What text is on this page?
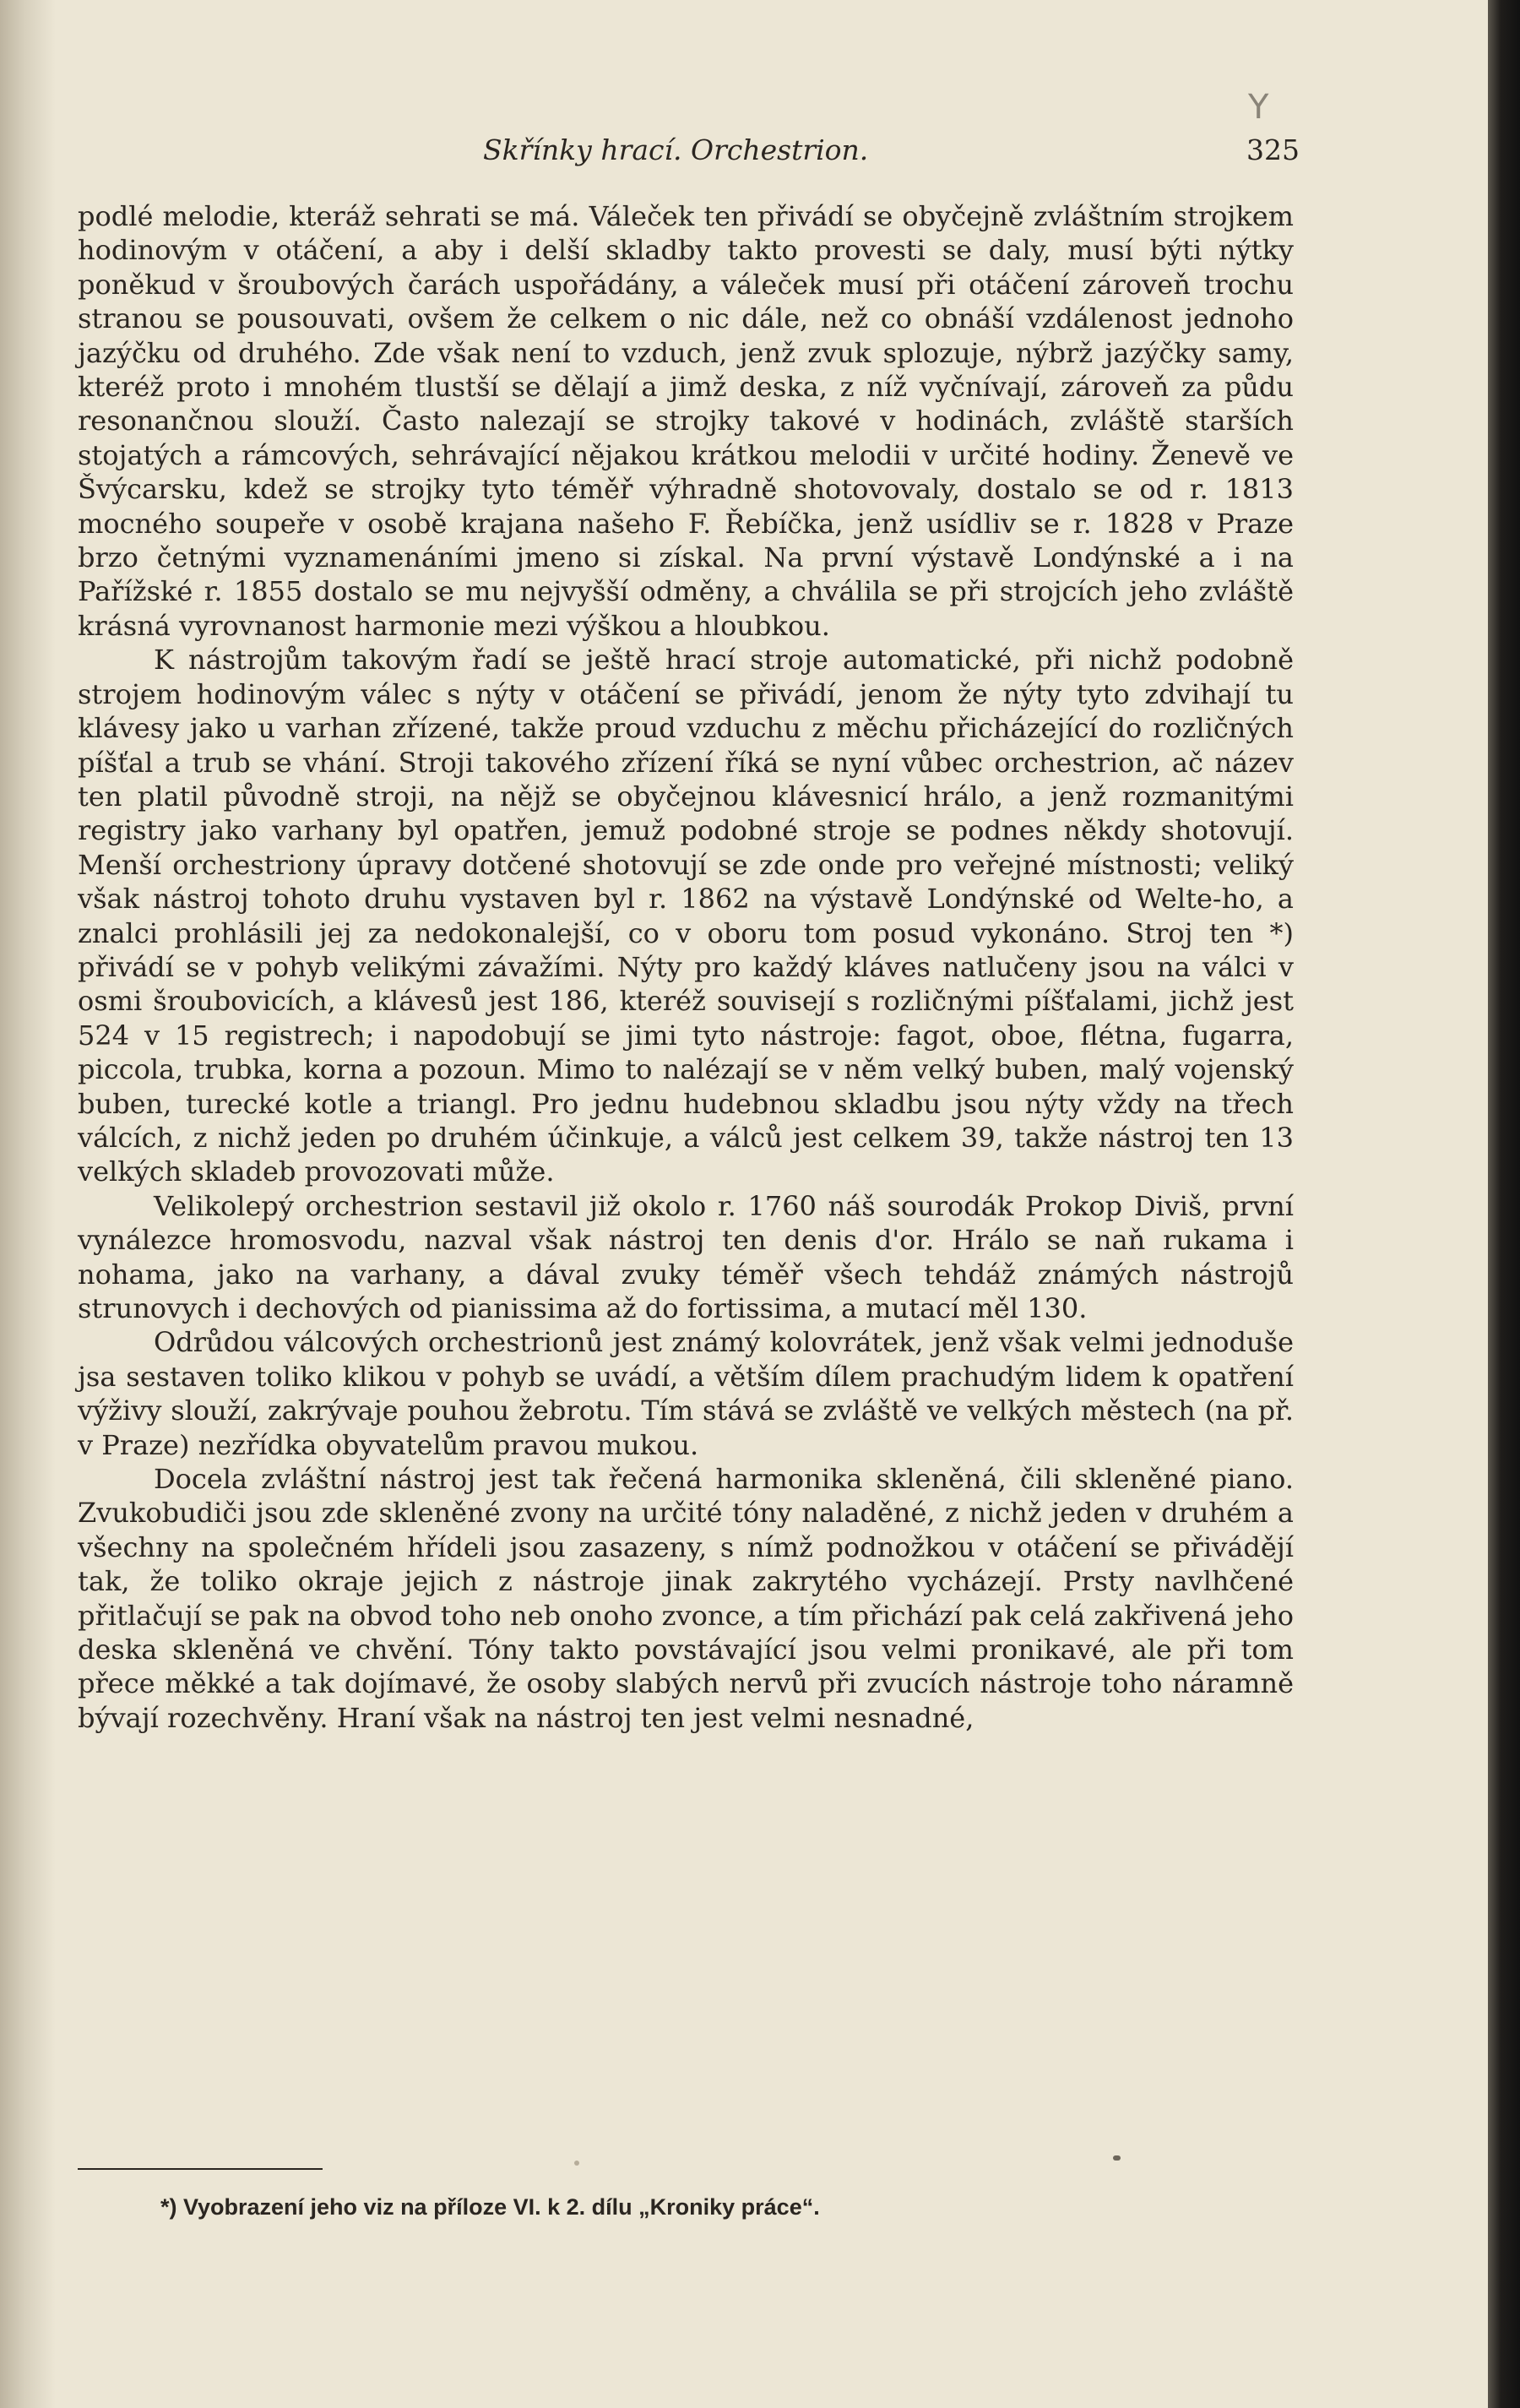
Skřínky hrací. Orchestrion.	325
Y

podlé melodie, kteráž sehrati se má. Váleček ten přivádí se obyčejně zvláštním strojkem hodinovým v otáčení, a aby i delší skladby takto provesti se daly, musí býti nýtky poněkud v šroubových čarách uspořádány, a váleček musí při otáčení zároveň trochu stranou se pousouvati, ovšem že celkem o nic dále, než co obnáší vzdálenost jednoho jazýčku od druhého. Zde však není to vzduch, jenž zvuk splozuje, nýbrž jazýčky samy, kteréž proto i mnohém tlustší se dělají a jimž deska, z níž vyčnívají, zároveň za půdu resonančnou slouží. Často nalezají se strojky takové v hodinách, zvláště starších stojatých a rámcových, sehrávající nějakou krátkou melodii v určité hodiny. Ženevě ve Švýcarsku, kdež se strojky tyto téměř výhradně shotovovaly, dostalo se od r. 1813 mocného soupeře v osobě krajana našeho F. Řebíčka, jenž usídliv se r. 1828 v Praze brzo četnými vyznamenáními jmeno si získal. Na první výstavě Londýnské a i na Pařížské r. 1855 dostalo se mu nejvyšší odměny, a chválila se při strojcích jeho zvláště krásná vyrovnanost harmonie mezi výškou a hloubkou.

K nástrojům takovým řadí se ještě hrací stroje automatické, při nichž podobně strojem hodinovým válec s nýty v otáčení se přivádí, jenom že nýty tyto zdvihají tu klávesy jako u varhan zřízené, takže proud vzduchu z měchu přicházející do rozličných píšťal a trub se vhání. Stroji takového zřízení říká se nyní vůbec orchestrion, ač název ten platil původně stroji, na nějž se obyčejnou klávesnicí hrálo, a jenž rozmanitými registry jako varhany byl opatřen, jemuž podobné stroje se podnes někdy shotovují. Menší orchestriony úpravy dotčené shotovují se zde onde pro veřejné místnosti; veliký však nástroj tohoto druhu vystaven byl r. 1862 na výstavě Londýnské od Welte-ho, a znalci prohlásili jej za nedokonalejší, co v oboru tom posud vykonáno. Stroj ten *) přivádí se v pohyb velikými závažími. Nýty pro každý kláves natlučeny jsou na válci v osmi šroubovicích, a klávesů jest 186, kteréž souvisejí s rozličnými píšťalami, jichž jest 524 v 15 registrech; i napodobují se jimi tyto nástroje: fagot, oboe, flétna, fugarra, piccola, trubka, korna a pozoun. Mimo to nalézají se v něm velký buben, malý vojenský buben, turecké kotle a triangl. Pro jednu hudebnou skladbu jsou nýty vždy na třech válcích, z nichž jeden po druhém účinkuje, a válců jest celkem 39, takže nástroj ten 13 velkých skladeb provozovati může.

Velikolepý orchestrion sestavil již okolo r. 1760 náš sourodák Prokop Diviš, první vynálezce hromosvodu, nazval však nástroj ten denis d'or. Hrálo se naň rukama i nohama, jako na varhany, a dával zvuky téměř všech tehdáž známých nástrojů strunovych i dechových od pianissima až do fortissima, a mutací měl 130.

Odrůdou válcových orchestrionů jest známý kolovrátek, jenž však velmi jednoduše jsa sestaven toliko klikou v pohyb se uvádí, a větším dílem prachudým lidem k opatření výživy slouží, zakrývaje pouhou žebrotu. Tím stává se zvláště ve velkých městech (na př. v Praze) nezřídka obyvatelům pravou mukou.

Docela zvláštní nástroj jest tak řečená harmonika skleněná, čili skleněné piano. Zvukobudiči jsou zde skleněné zvony na určité tóny naladěné, z nichž jeden v druhém a všechny na společném hřídeli jsou zasazeny, s nímž podnožkou v otáčení se přivádějí tak, že toliko okraje jejich z nástroje jinak zakrytého vycházejí. Prsty navlhčené přitlačují se pak na obvod toho neb onoho zvonce, a tím přichází pak celá zakřivená jeho deska skleněná ve chvění. Tóny takto povstávající jsou velmi pronikavé, ale při tom přece měkké a tak dojímavé, že osoby slabých nervů při zvucích nástroje toho náramně bývají rozechvěny. Hraní však na nástroj ten jest velmi nesnadné,

*) Vyobrazení jeho viz na příloze VI. k 2. dílu „Kroniky práce“.
